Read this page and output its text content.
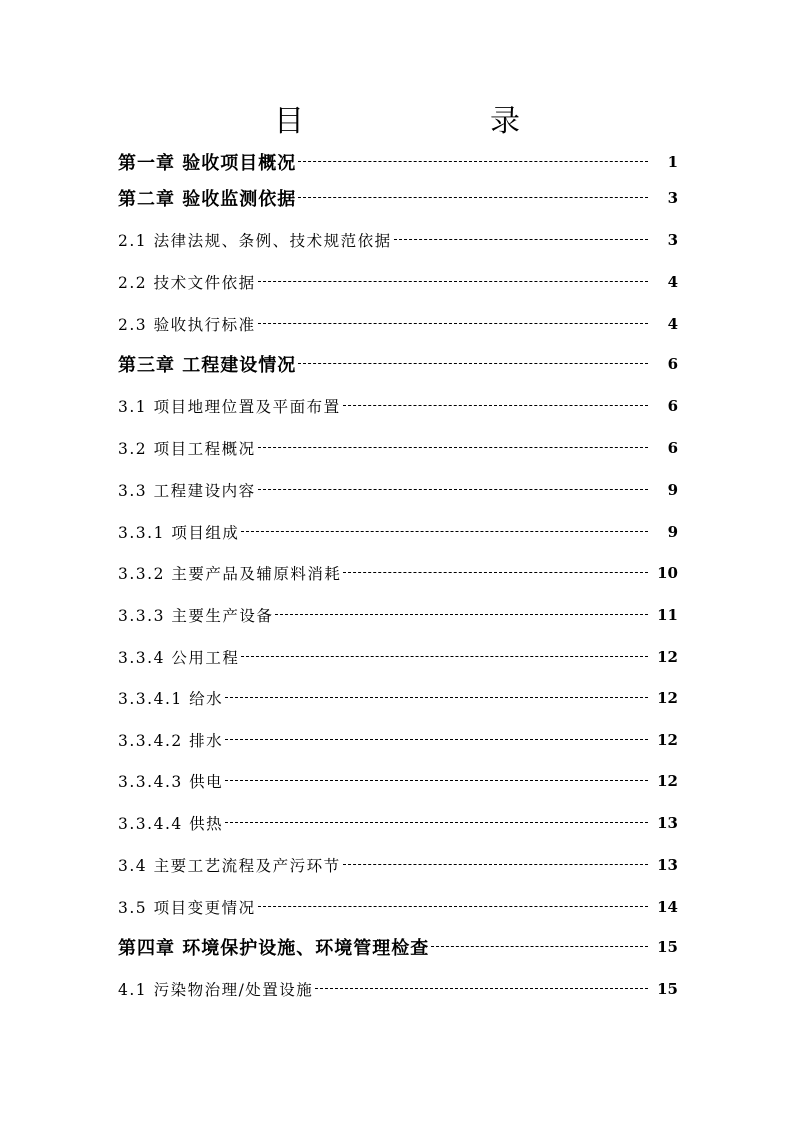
目　录
第一章 验收项目概况	1
第二章 验收监测依据	3
2.1 法律法规、条例、技术规范依据	3
2.2 技术文件依据	4
2.3 验收执行标准	4
第三章 工程建设情况	6
3.1 项目地理位置及平面布置	6
3.2 项目工程概况	6
3.3 工程建设内容	9
3.3.1 项目组成	9
3.3.2 主要产品及辅原料消耗	10
3.3.3 主要生产设备	11
3.3.4 公用工程	12
3.3.4.1 给水	12
3.3.4.2 排水	12
3.3.4.3 供电	12
3.3.4.4 供热	13
3.4 主要工艺流程及产污环节	13
3.5 项目变更情况	14
第四章 环境保护设施、环境管理检查	15
4.1 污染物治理/处置设施	15
